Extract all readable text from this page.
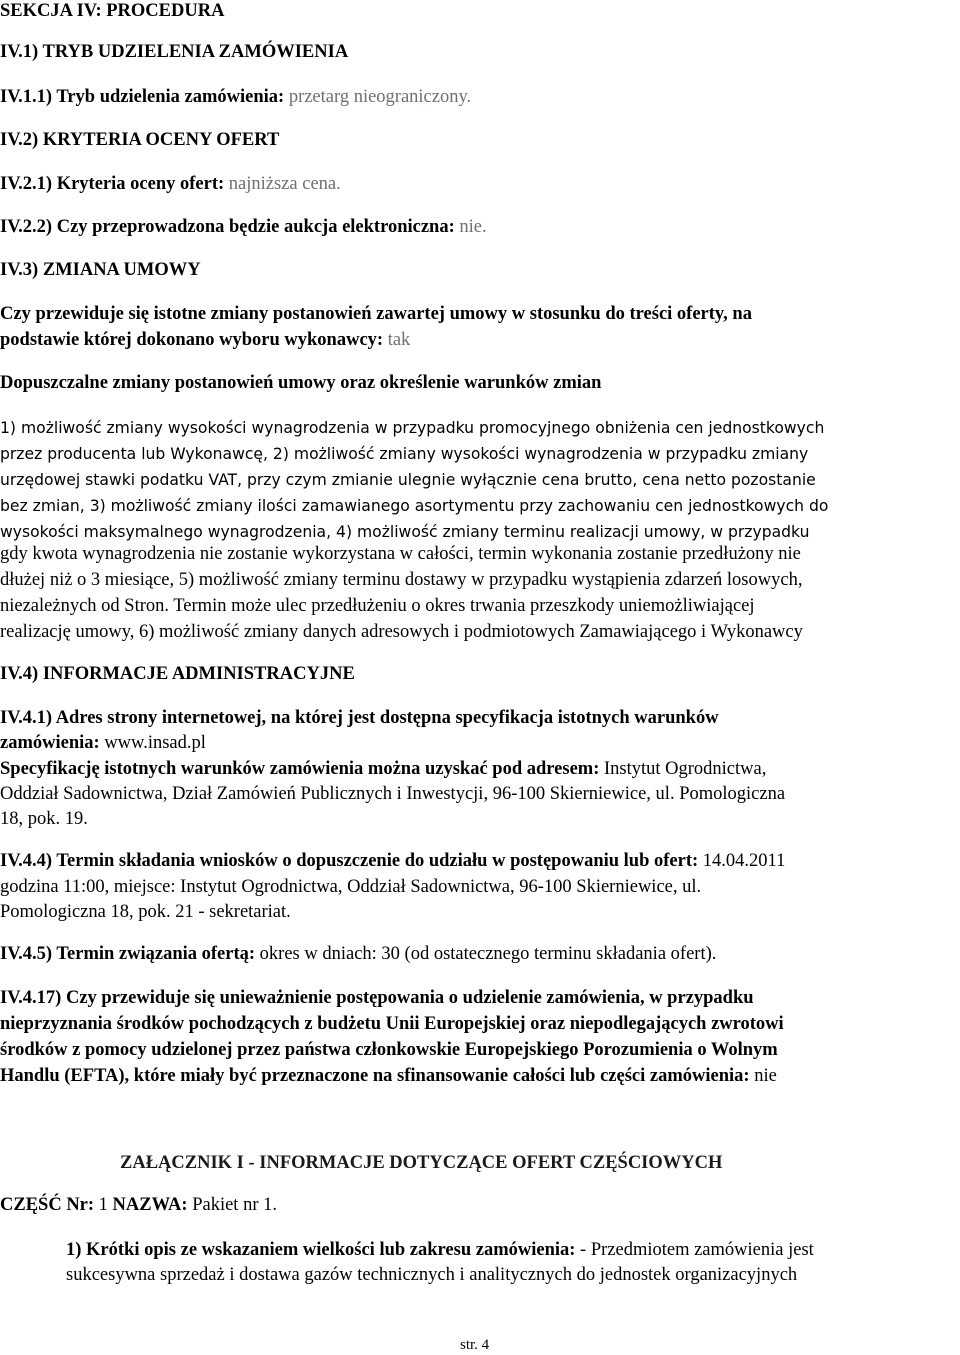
SEKCJA IV: PROCEDURA

IV.1) TRYB UDZIELENIA ZAMÓWIENIA

IV.1.1) Tryb udzielenia zamówienia: przetarg nieograniczony.

IV.2) KRYTERIA OCENY OFERT

IV.2.1) Kryteria oceny ofert: najniższa cena.

IV.2.2) Czy przeprowadzona będzie aukcja elektroniczna: nie.

IV.3) ZMIANA UMOWY

Czy przewiduje się istotne zmiany postanowień zawartej umowy w stosunku do treści oferty, na

podstawie której dokonano wyboru wykonawcy: tak

Dopuszczalne zmiany postanowień umowy oraz określenie warunków zmian

1) możliwość zmiany wysokości wynagrodzenia w przypadku promocyjnego obniżenia cen jednostkowych

przez producenta lub Wykonawcę, 2) możliwość zmiany wysokości wynagrodzenia w przypadku zmiany

urzędowej stawki podatku VAT, przy czym zmianie ulegnie wyłącznie cena brutto, cena netto pozostanie

bez zmian, 3) możliwość zmiany ilości zamawianego asortymentu przy zachowaniu cen jednostkowych do

wysokości maksymalnego wynagrodzenia, 4) możliwość zmiany terminu realizacji umowy, w przypadku

gdy kwota wynagrodzenia nie zostanie wykorzystana w całości, termin wykonania zostanie przedłużony nie

dłużej niż o 3 miesiące, 5) możliwość zmiany terminu dostawy w przypadku wystąpienia zdarzeń losowych,

niezależnych od Stron. Termin może ulec przedłużeniu o okres trwania przeszkody uniemożliwiającej

realizację umowy, 6) możliwość zmiany danych adresowych i podmiotowych Zamawiającego i Wykonawcy

IV.4) INFORMACJE ADMINISTRACYJNE

IV.4.1) Adres strony internetowej, na której jest dostępna specyfikacja istotnych warunków

zamówienia: www.insad.pl

Specyfikację istotnych warunków zamówienia można uzyskać pod adresem: Instytut Ogrodnictwa,

Oddział Sadownictwa, Dział Zamówień Publicznych i Inwestycji, 96-100 Skierniewice, ul. Pomologiczna

18, pok. 19.

IV.4.4) Termin składania wniosków o dopuszczenie do udziału w postępowaniu lub ofert: 14.04.2011

godzina 11:00, miejsce: Instytut Ogrodnictwa, Oddział Sadownictwa, 96-100 Skierniewice, ul.

Pomologiczna 18, pok. 21 - sekretariat.

IV.4.5) Termin związania ofertą: okres w dniach: 30 (od ostatecznego terminu składania ofert).

IV.4.17) Czy przewiduje się unieważnienie postępowania o udzielenie zamówienia, w przypadku

nieprzyznania środków pochodzących z budżetu Unii Europejskiej oraz niepodlegających zwrotowi

środków z pomocy udzielonej przez państwa członkowskie Europejskiego Porozumienia o Wolnym

Handlu (EFTA), które miały być przeznaczone na sfinansowanie całości lub części zamówienia: nie

ZAŁĄCZNIK I - INFORMACJE DOTYCZĄCE OFERT CZĘŚCIOWYCH

CZĘŚĆ Nr: 1 NAZWA: Pakiet nr 1.

1) Krótki opis ze wskazaniem wielkości lub zakresu zamówienia: - Przedmiotem zamówienia jest

sukcesywna sprzedaż i dostawa gazów technicznych i analitycznych do jednostek organizacyjnych

str. 4
